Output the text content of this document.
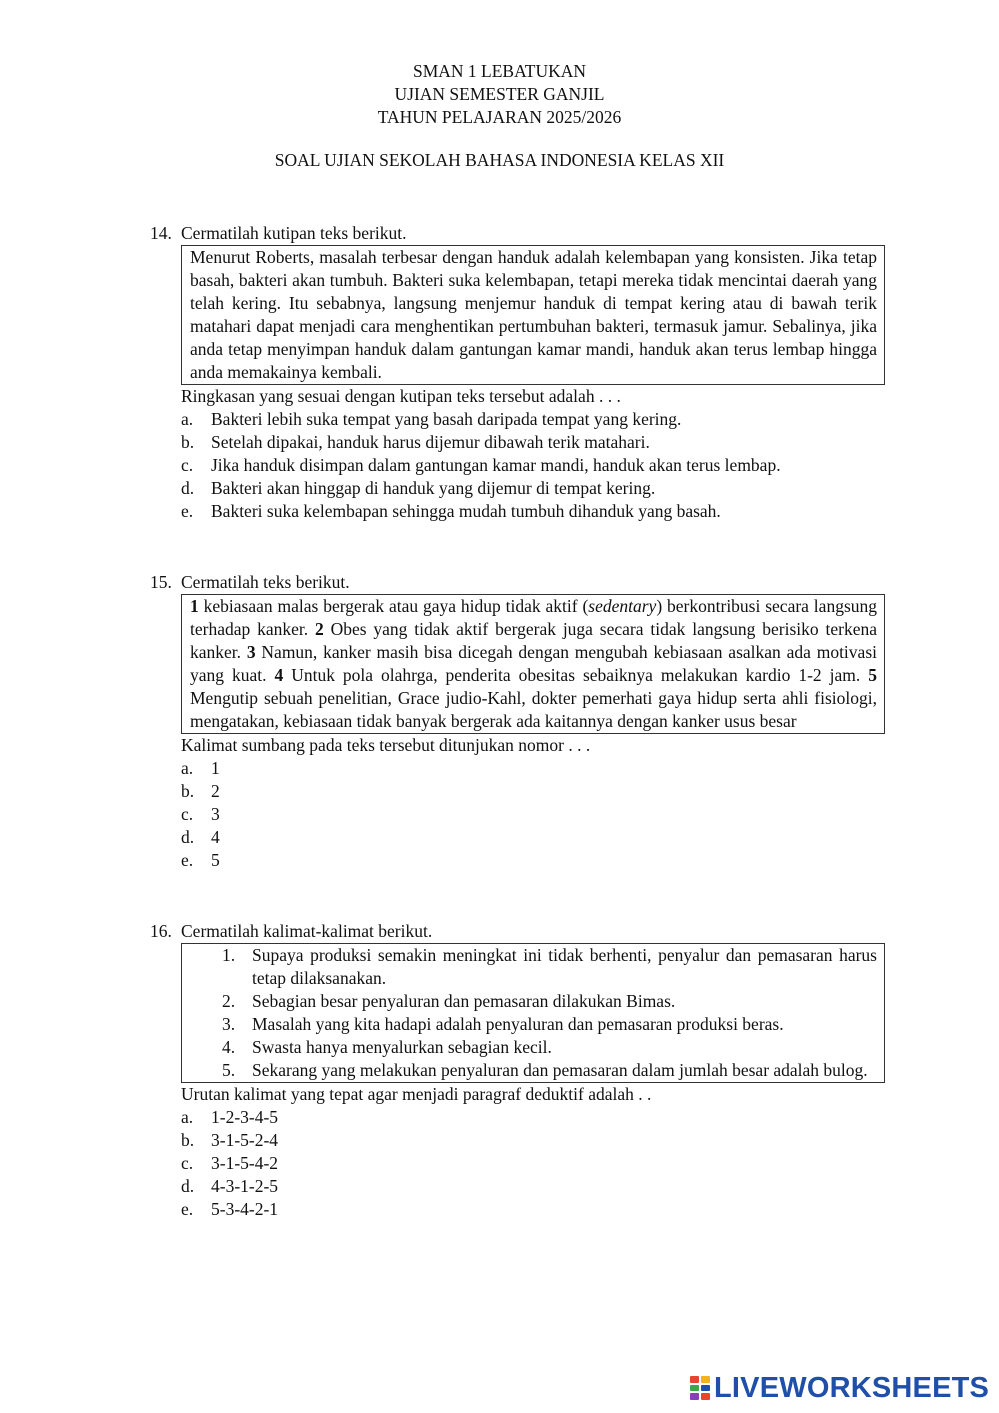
SMAN 1 LEBATUKAN
UJIAN SEMESTER GANJIL
TAHUN PELAJARAN 2025/2026
SOAL UJIAN SEKOLAH BAHASA INDONESIA KELAS XII
14. Cermatilah kutipan teks berikut.

Menurut Roberts, masalah terbesar dengan handuk adalah kelembapan yang konsisten. Jika tetap basah, bakteri akan tumbuh. Bakteri suka kelembapan, tetapi mereka tidak mencintai daerah yang telah kering. Itu sebabnya, langsung menjemur handuk di tempat kering atau di bawah terik matahari dapat menjadi cara menghentikan pertumbuhan bakteri, termasuk jamur. Sebalinya, jika anda tetap menyimpan handuk dalam gantungan kamar mandi, handuk akan terus lembap hingga anda memakainya kembali.

Ringkasan yang sesuai dengan kutipan teks tersebut adalah . . .
a. Bakteri lebih suka tempat yang basah daripada tempat yang kering.
b. Setelah dipakai, handuk harus dijemur dibawah terik matahari.
c. Jika handuk disimpan dalam gantungan kamar mandi, handuk akan terus lembap.
d. Bakteri akan hinggap di handuk yang dijemur di tempat kering.
e. Bakteri suka kelembapan sehingga mudah tumbuh dihanduk yang basah.
15. Cermatilah teks berikut.

1 kebiasaan malas bergerak atau gaya hidup tidak aktif (sedentary) berkontribusi secara langsung terhadap kanker. 2 Obes yang tidak aktif bergerak juga secara tidak langsung berisiko terkena kanker. 3 Namun, kanker masih bisa dicegah dengan mengubah kebiasaan asalkan ada motivasi yang kuat. 4 Untuk pola olahrga, penderita obesitas sebaiknya melakukan kardio 1-2 jam. 5 Mengutip sebuah penelitian, Grace judio-Kahl, dokter pemerhati gaya hidup serta ahli fisiologi, mengatakan, kebiasaan tidak banyak bergerak ada kaitannya dengan kanker usus besar

Kalimat sumbang pada teks tersebut ditunjukan nomor . . .
a. 1
b. 2
c. 3
d. 4
e. 5
16. Cermatilah kalimat-kalimat berikut.
1. Supaya produksi semakin meningkat ini tidak berhenti, penyalur dan pemasaran harus tetap dilaksanakan.
2. Sebagian besar penyaluran dan pemasaran dilakukan Bimas.
3. Masalah yang kita hadapi adalah penyaluran dan pemasaran produksi beras.
4. Swasta hanya menyalurkan sebagian kecil.
5. Sekarang yang melakukan penyaluran dan pemasaran dalam jumlah besar adalah bulog.
Urutan kalimat yang tepat agar menjadi paragraf deduktif adalah . .
a. 1-2-3-4-5
b. 3-1-5-2-4
c. 3-1-5-4-2
d. 4-3-1-2-5
e. 5-3-4-2-1
LIVEWORKSHEETS
